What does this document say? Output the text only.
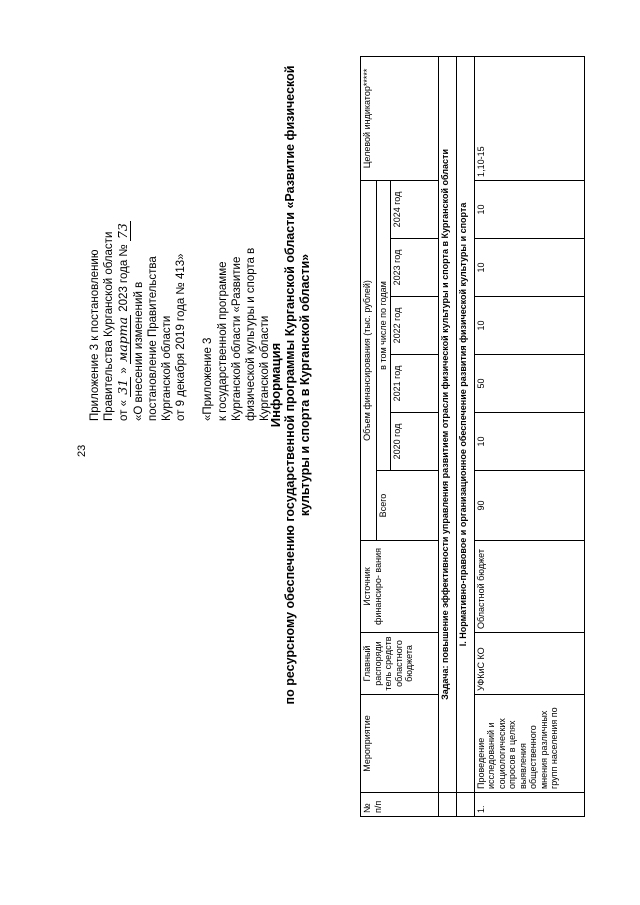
23
Приложение 3 к постановлению Правительства Курганской области от « 31 » марта 2023 года № 73
«О внесении изменений в постановление Правительства Курганской области от 9 декабря 2019 года № 413» «Приложение 3 к государственной программе Курганской области «Развитие физической культуры и спорта в Курганской области
Информация по ресурсному обеспечению государственной программы Курганской области «Развитие физической культуры и спорта в Курганской области»
№ п/п	Мероприятие	Главный распоряди тель средств областного бюджета	Источник финансиро- вания	Объем финансирования (тыс. рублей)						Целевой индикатор*****
				Всего	в том числе по годам					
					2020 год	2021 год	2022 год	2023 год	2024 год	
	Задача: повышение эффективности управления развитием отрасли физической культуры и спорта в Курганской области									
	I. Нормативно-правовое и организационное обеспечение развития физической культуры и спорта									
1.	Проведение исследований и социологических опросов в целях выявления общественного мнения различных групп населения по	УФКиС КО	Областной бюджет	90	10	50	10	10	10	1,10-15
